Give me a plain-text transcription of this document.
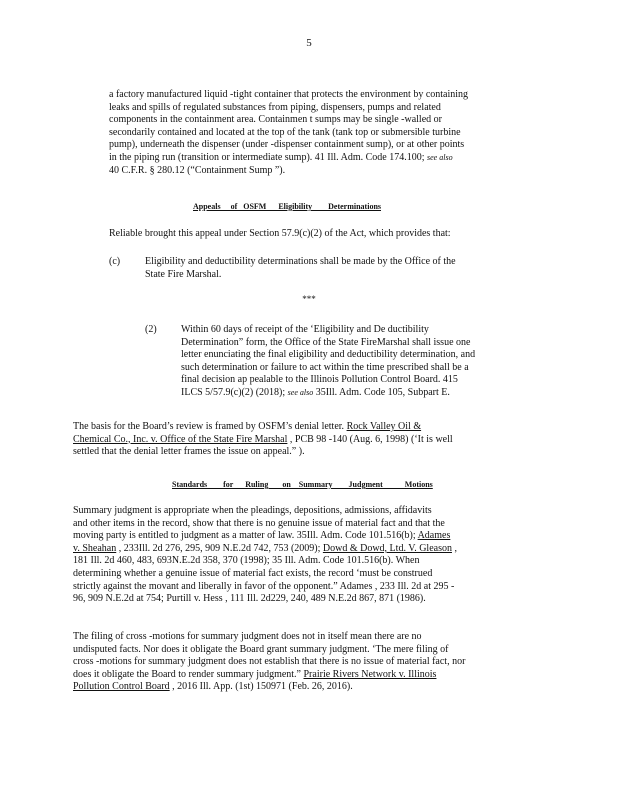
5
a factory manufactured liquid -tight container that protects the environment by containing
leaks and spills of regulated substances from piping, dispensers, pumps and related
components in the containment area. Containmen t sumps may be single -walled or
secondarily contained and located at the top of the tank (tank top or submersible turbine
pump), underneath the dispenser (under -dispenser containment sump), or at other points
in the piping run (transition or intermediate sump). 41 Ill. Adm. Code 174.100; see also
40 C.F.R. § 280.12 (“Containment Sump ”).
Appeals     of   OSFM      Eligibility        Determinations
Reliable brought this appeal under Section 57.9(c)(2) of the Act, which provides that:
(c) Eligibility and deductibility determinations shall be made by the Office of the
State Fire Marshal.
***
(2) Within 60 days of receipt of the ‘Eligibility and De ductibility
Determination” form, the Office of the State FireMarshal shall issue one
letter enunciating the final eligibility and deductibility determination, and
such determination or failure to act within the time prescribed shall be a
final decision ap pealable to the Illinois Pollution Control Board. 415
ILCS 5/57.9(c)(2) (2018); see also 35Ill. Adm. Code 105, Subpart E.
The basis for the Board’s review is framed by OSFM’s denial letter. Rock Valley Oil &
Chemical Co., Inc. v. Office of the State Fire Marshal , PCB 98 -140 (Aug. 6, 1998) (‘It is well
settled that the denial letter frames the issue on appeal.” ).
Standards        for      Ruling       on    Summary        Judgment           Motions
Summary judgment is appropriate when the pleadings, depositions, admissions, affidavits
and other items in the record, show that there is no genuine issue of material fact and that the
moving party is entitled to judgment as a matter of law. 35Ill. Adm. Code 101.516(b); Adames
v. Sheahan , 233Ill. 2d 276, 295, 909 N.E.2d 742, 753 (2009); Dowd & Dowd, Ltd. V. Gleason ,
181 Ill. 2d 460, 483, 693N.E.2d 358, 370 (1998); 35 Ill. Adm. Code 101.516(b). When
determining whether a genuine issue of material fact exists, the record ‘must be construed
strictly against the movant and liberally in favor of the opponent.” Adames , 233 Ill. 2d at 295 -
96, 909 N.E.2d at 754; Purtill v. Hess , 111 Ill. 2d229, 240, 489 N.E.2d 867, 871 (1986).
The filing of cross -motions for summary judgment does not in itself mean there are no
undisputed facts. Nor does it obligate the Board grant summary judgment. ‘The mere filing of
cross -motions for summary judgment does not establish that there is no issue of material fact, nor
does it obligate the Board to render summary judgment.” Prairie Rivers Network v. Illinois
Pollution Control Board , 2016 Ill. App. (1st) 150971 (Feb. 26, 2016).
